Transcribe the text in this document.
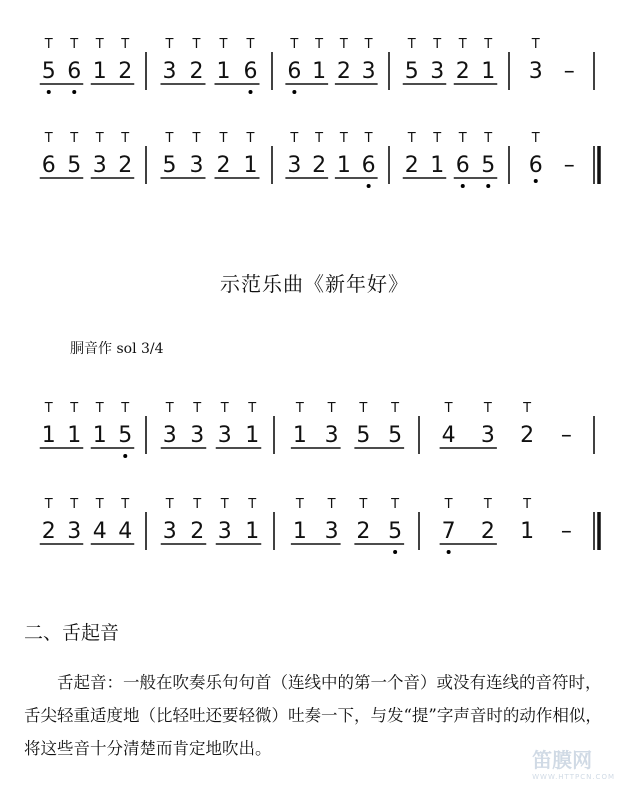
5
T
6
T
1
T
2
T
3
T
2
T
1
T
6
T
6
T
1
T
2
T
3
T
5
T
3
T
2
T
1
T
3
T
–
6
T
5
T
3
T
2
T
5
T
3
T
2
T
1
T
3
T
2
T
1
T
6
T
2
T
1
T
6
T
5
T
6
T
–
1
T
1
T
1
T
5
T
3
T
3
T
3
T
1
T
1
T
3
T
5
T
5
T
4
T
3
T
2
T
–
2
T
3
T
4
T
4
T
3
T
2
T
3
T
1
T
1
T
3
T
2
T
5
T
7
T
2
T
1
T
–
示范乐曲《新年好》
胴音作 sol 3/4
二、舌起音
舌起音：一般在吹奏乐句句首（连线中的第一个音）或没有连线的音符时，舌尖轻重适度地（比轻吐还要轻微）吐奏一下，与发“提”字声音时的动作相似，将这些音十分清楚而肯定地吹出。	笛膜网
WWW.HTTPCN.COM
